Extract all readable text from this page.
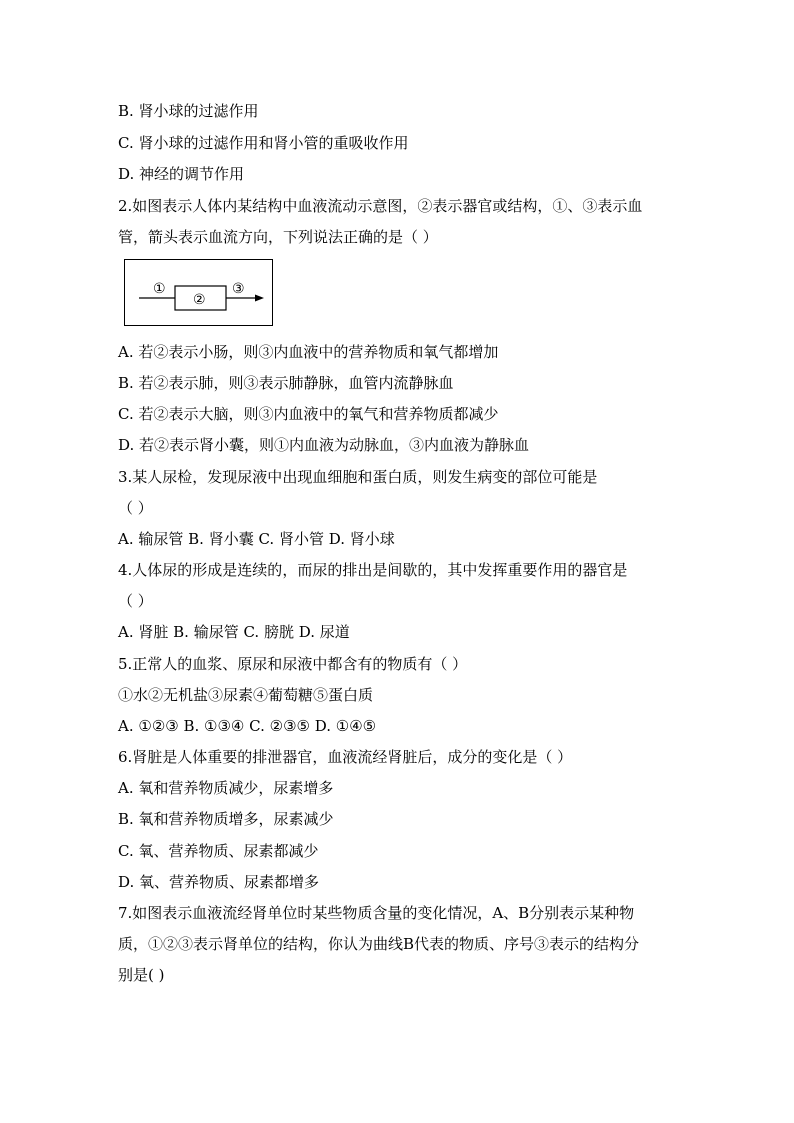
B. 肾小球的过滤作用
C. 肾小球的过滤作用和肾小管的重吸收作用
D. 神经的调节作用
2.如图表示人体内某结构中血液流动示意图，②表示器官或结构，①、③表示血
管，箭头表示血流方向，下列说法正确的是（ ）
①
②
③
A. 若②表示小肠，则③内血液中的营养物质和氧气都增加
B. 若②表示肺，则③表示肺静脉，血管内流静脉血
C. 若②表示大脑，则③内血液中的氧气和营养物质都减少
D. 若②表示肾小囊，则①内血液为动脉血，③内血液为静脉血
3.某人尿检，发现尿液中出现血细胞和蛋白质，则发生病变的部位可能是
（ ）
A. 输尿管 B. 肾小囊 C. 肾小管 D. 肾小球
4.人体尿的形成是连续的，而尿的排出是间歇的，其中发挥重要作用的器官是
（ ）
A. 肾脏 B. 输尿管 C. 膀胱 D. 尿道
5.正常人的血浆、原尿和尿液中都含有的物质有（ ）
①水②无机盐③尿素④葡萄糖⑤蛋白质
A. ①②③ B. ①③④ C. ②③⑤ D. ①④⑤
6.肾脏是人体重要的排泄器官，血液流经肾脏后，成分的变化是（ ）
A. 氧和营养物质减少，尿素增多
B. 氧和营养物质增多，尿素减少
C. 氧、营养物质、尿素都减少
D. 氧、营养物质、尿素都增多
7.如图表示血液流经肾单位时某些物质含量的变化情况，A、B分别表示某种物
质，①②③表示肾单位的结构，你认为曲线B代表的物质、序号③表示的结构分
别是( )
